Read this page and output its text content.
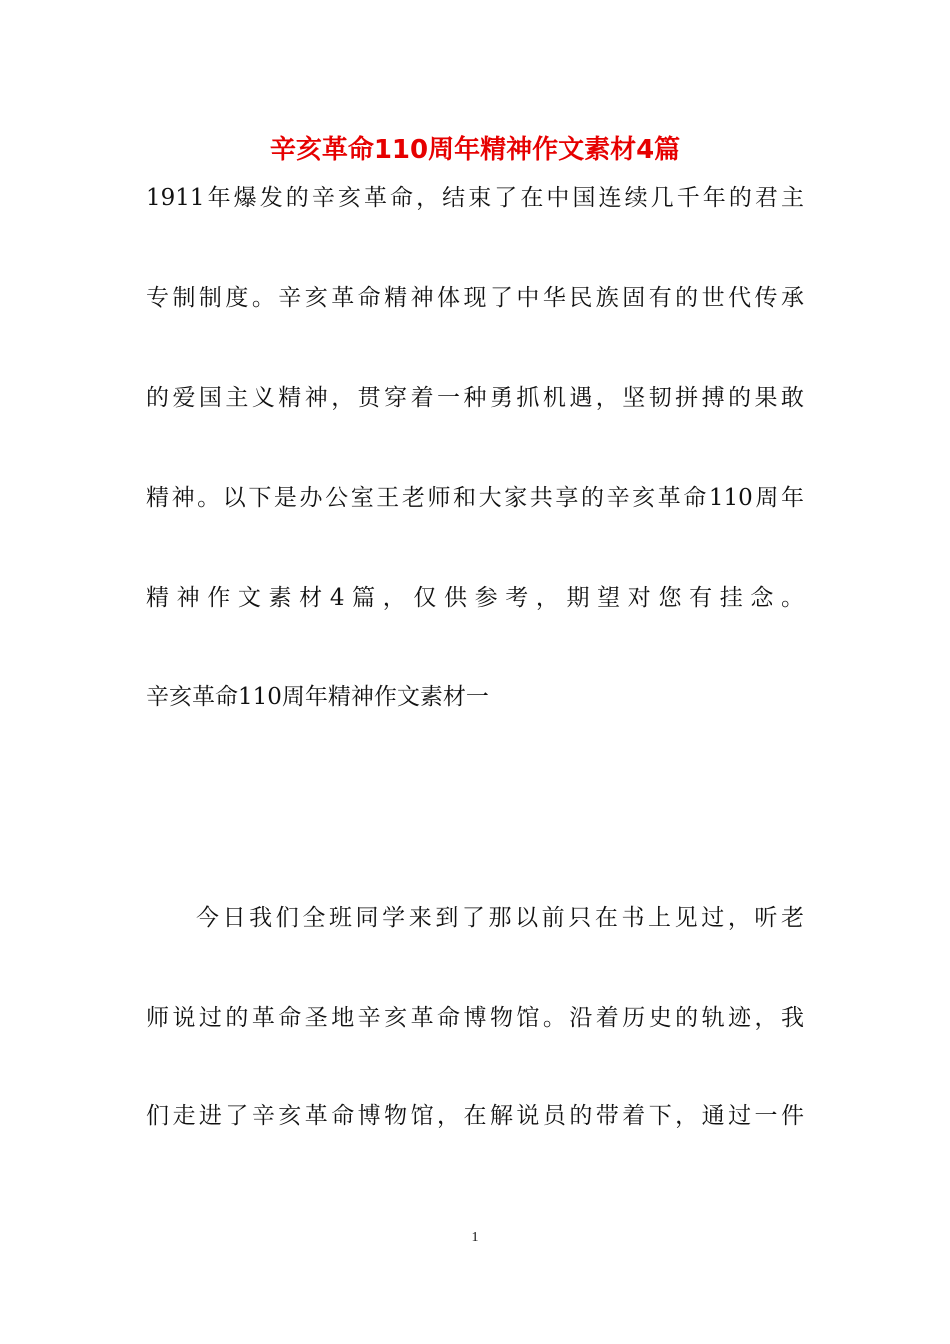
辛亥革命110周年精神作文素材4篇
1911年爆发的辛亥革命，结束了在中国连续几千年的君主
专制制度。辛亥革命精神体现了中华民族固有的世代传承
的爱国主义精神，贯穿着一种勇抓机遇，坚韧拼搏的果敢
精神。以下是办公室王老师和大家共享的辛亥革命110周年
精神作文素材4篇，仅供参考，期望对您有挂念。
辛亥革命110周年精神作文素材一
今日我们全班同学来到了那以前只在书上见过，听老
师说过的革命圣地辛亥革命博物馆。沿着历史的轨迹，我
们走进了辛亥革命博物馆，在解说员的带着下，通过一件
1
